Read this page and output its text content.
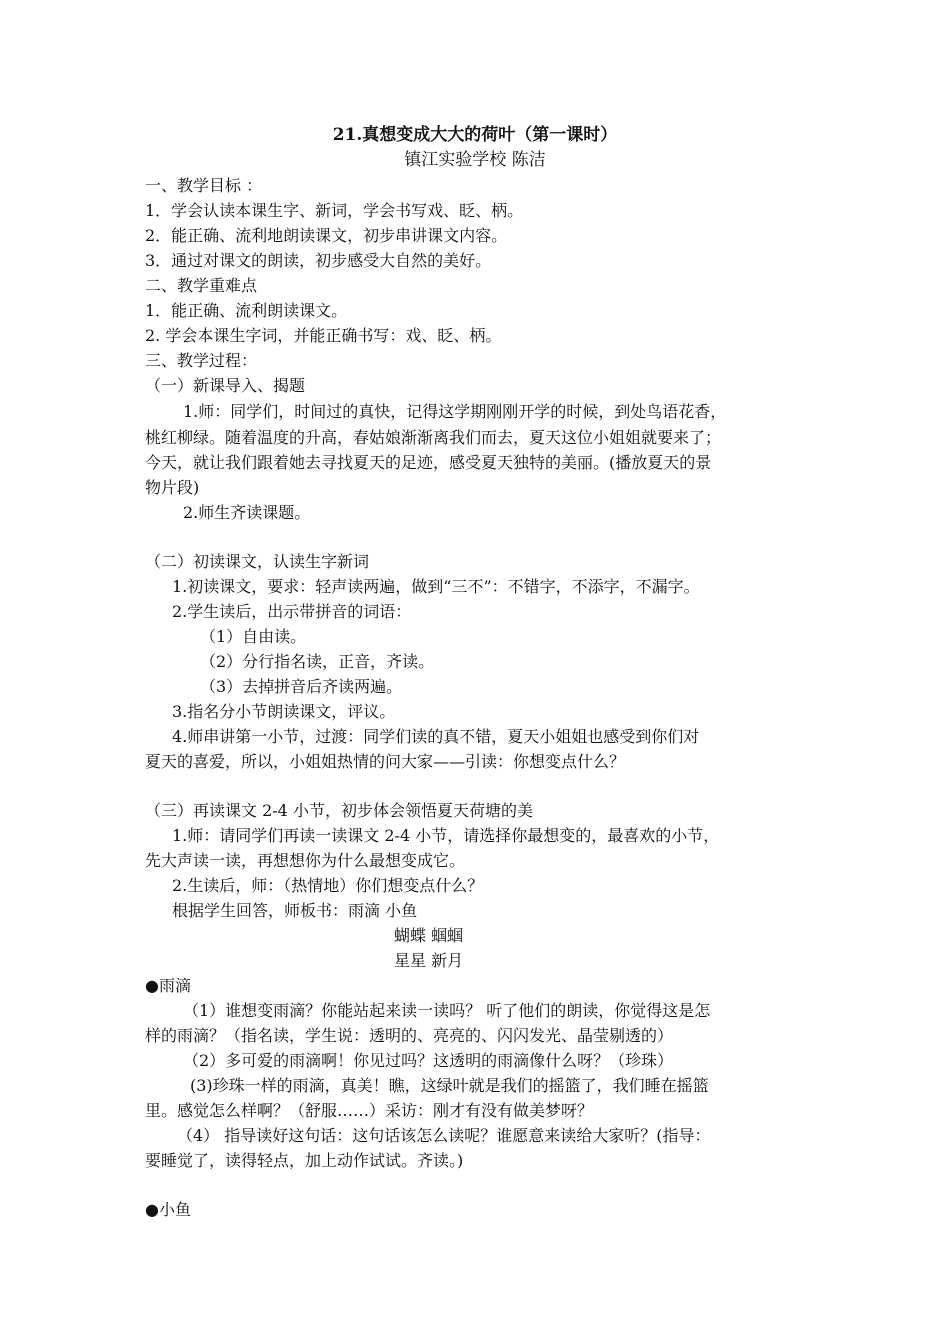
21.真想变成大大的荷叶（第一课时）

镇江实验学校 陈洁

一、教学目标 ：

1．学会认读本课生字、新词，学会书写戏、眨、柄。

2．能正确、流利地朗读课文，初步串讲课文内容。

3．通过对课文的朗读，初步感受大自然的美好。

二、教学重难点

1．能正确、流利朗读课文。

2. 学会本课生字词，并能正确书写：戏、眨、柄。

三、教学过程：

（一）新课导入、揭题

1.师：同学们，时间过的真快，记得这学期刚刚开学的时候，到处鸟语花香，

桃红柳绿。随着温度的升高，春姑娘渐渐离我们而去，夏天这位小姐姐就要来了；

今天，就让我们跟着她去寻找夏天的足迹，感受夏天独特的美丽。(播放夏天的景

物片段)

2.师生齐读课题。

（二）初读课文，认读生字新词

1.初读课文，要求：轻声读两遍，做到“三不”：不错字，不添字，不漏字。

2.学生读后，出示带拼音的词语：

（1）自由读。

（2）分行指名读，正音，齐读。

（3）去掉拼音后齐读两遍。

3.指名分小节朗读课文，评议。

4.师串讲第一小节，过渡：同学们读的真不错，夏天小姐姐也感受到你们对

夏天的喜爱，所以，小姐姐热情的问大家——引读：你想变点什么？

（三）再读课文 2-4 小节，初步体会领悟夏天荷塘的美

1.师：请同学们再读一读课文 2-4 小节，请选择你最想变的，最喜欢的小节，

先大声读一读，再想想你为什么最想变成它。

2.生读后，师：（热情地）你们想变点什么？

根据学生回答，师板书：雨滴 小鱼

蝴蝶 蝈蝈

星星 新月

●雨滴

（1）谁想变雨滴？你能站起来读一读吗？ 听了他们的朗读，你觉得这是怎

样的雨滴？（指名读，学生说：透明的、亮亮的、闪闪发光、晶莹剔透的）

（2）多可爱的雨滴啊！你见过吗？这透明的雨滴像什么呀？（珍珠）

(3)珍珠一样的雨滴，真美！瞧，这绿叶就是我们的摇篮了，我们睡在摇篮

里。感觉怎么样啊？（舒服……）采访：刚才有没有做美梦呀？

（4） 指导读好这句话：这句话该怎么读呢？谁愿意来读给大家听？(指导：

要睡觉了，读得轻点，加上动作试试。齐读。)

●小鱼
